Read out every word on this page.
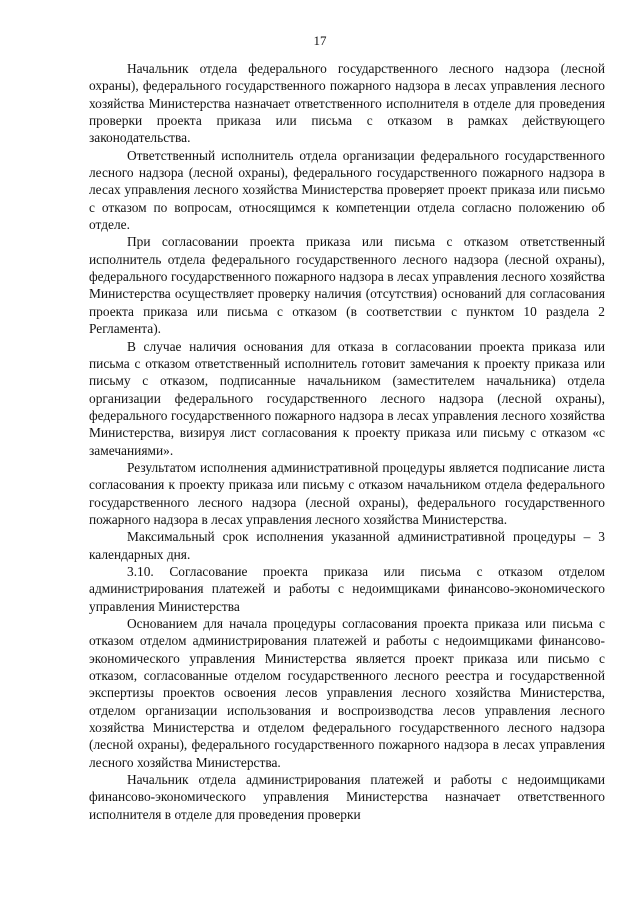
17

Начальник отдела федерального государственного лесного надзора (лесной охраны), федерального государственного пожарного надзора в лесах управления лесного хозяйства Министерства назначает ответственного исполнителя в отделе для проведения проверки проекта приказа или письма с отказом в рамках действующего законодательства.

Ответственный исполнитель отдела организации федерального государственного лесного надзора (лесной охраны), федерального государственного пожарного надзора в лесах управления лесного хозяйства Министерства проверяет проект приказа или письмо с отказом по вопросам, относящимся к компетенции отдела согласно положению об отделе.

При согласовании проекта приказа или письма с отказом ответственный исполнитель отдела федерального государственного лесного надзора (лесной охраны), федерального государственного пожарного надзора в лесах управления лесного хозяйства Министерства осуществляет проверку наличия (отсутствия) оснований для согласования проекта приказа или письма с отказом (в соответствии с пунктом 10 раздела 2 Регламента).

В случае наличия основания для отказа в согласовании проекта приказа или письма с отказом ответственный исполнитель готовит замечания к проекту приказа или письму с отказом, подписанные начальником (заместителем начальника) отдела организации федерального государственного лесного надзора (лесной охраны), федерального государственного пожарного надзора в лесах управления лесного хозяйства Министерства, визируя лист согласования к проекту приказа или письму с отказом «с замечаниями».

Результатом исполнения административной процедуры является подписание листа согласования к проекту приказа или письму с отказом начальником отдела федерального государственного лесного надзора (лесной охраны), федерального государственного пожарного надзора в лесах управления лесного хозяйства Министерства.

Максимальный срок исполнения указанной административной процедуры – 3 календарных дня.

3.10. Согласование проекта приказа или письма с отказом отделом администрирования платежей и работы с недоимщиками финансово-экономического управления Министерства

Основанием для начала процедуры согласования проекта приказа или письма с отказом отделом администрирования платежей и работы с недоимщиками финансово-экономического управления Министерства является проект приказа или письмо с отказом, согласованные отделом государственного лесного реестра и государственной экспертизы проектов освоения лесов управления лесного хозяйства Министерства, отделом организации использования и воспроизводства лесов управления лесного хозяйства Министерства и отделом федерального государственного лесного надзора (лесной охраны), федерального государственного пожарного надзора в лесах управления лесного хозяйства Министерства.

Начальник отдела администрирования платежей и работы с недоимщиками финансово-экономического управления Министерства назначает ответственного исполнителя в отделе для проведения проверки
